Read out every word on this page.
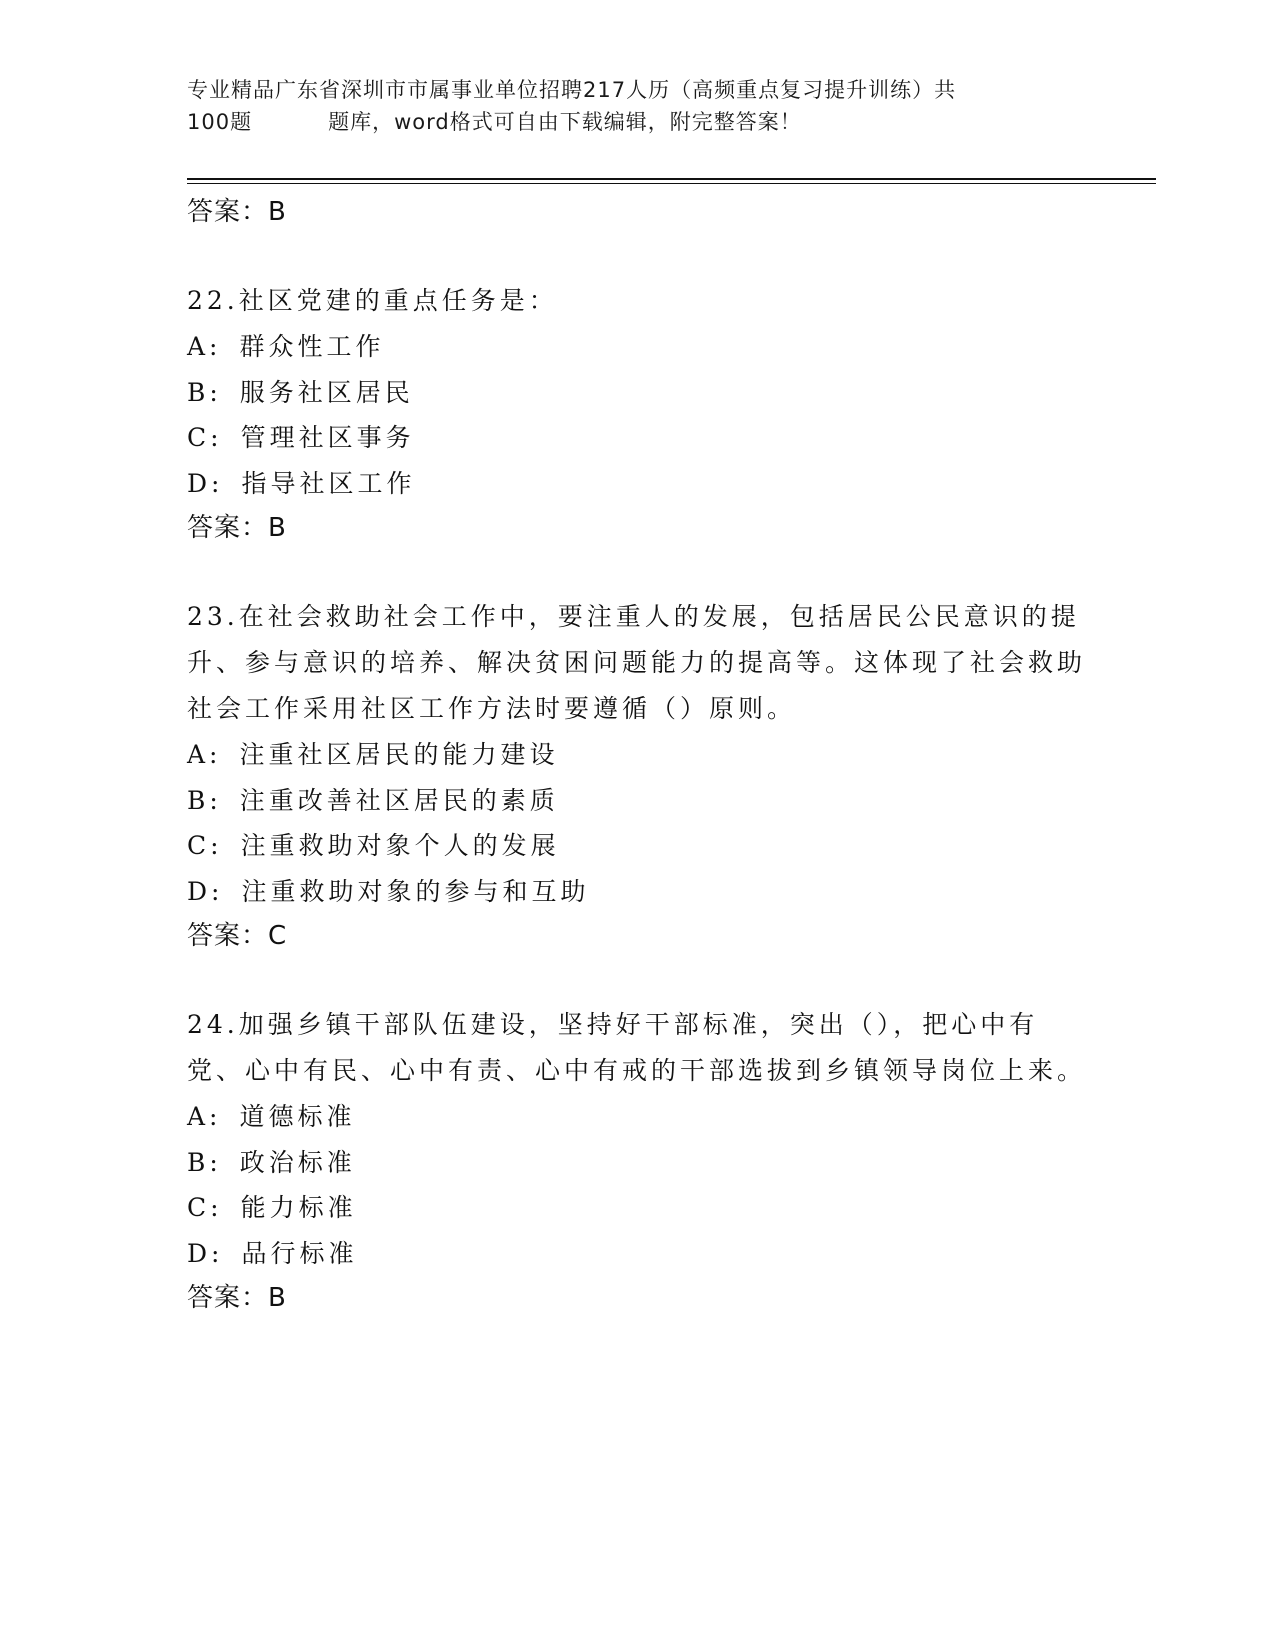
专业精品广东省深圳市市属事业单位招聘217人历（高频重点复习提升训练）共
100题	题库，word格式可自由下载编辑，附完整答案！
答案：B
22.社区党建的重点任务是：
A: 群众性工作
B: 服务社区居民
C: 管理社区事务
D: 指导社区工作
答案：B
23.在社会救助社会工作中，要注重人的发展，包括居民公民意识的提升、参与意识的培养、解决贫困问题能力的提高等。这体现了社会救助社会工作采用社区工作方法时要遵循（）原则。
A: 注重社区居民的能力建设
B: 注重改善社区居民的素质
C: 注重救助对象个人的发展
D: 注重救助对象的参与和互助
答案：C
24.加强乡镇干部队伍建设，坚持好干部标准，突出（），把心中有党、心中有民、心中有责、心中有戒的干部选拔到乡镇领导岗位上来。
A: 道德标准
B: 政治标准
C: 能力标准
D: 品行标准
答案：B
